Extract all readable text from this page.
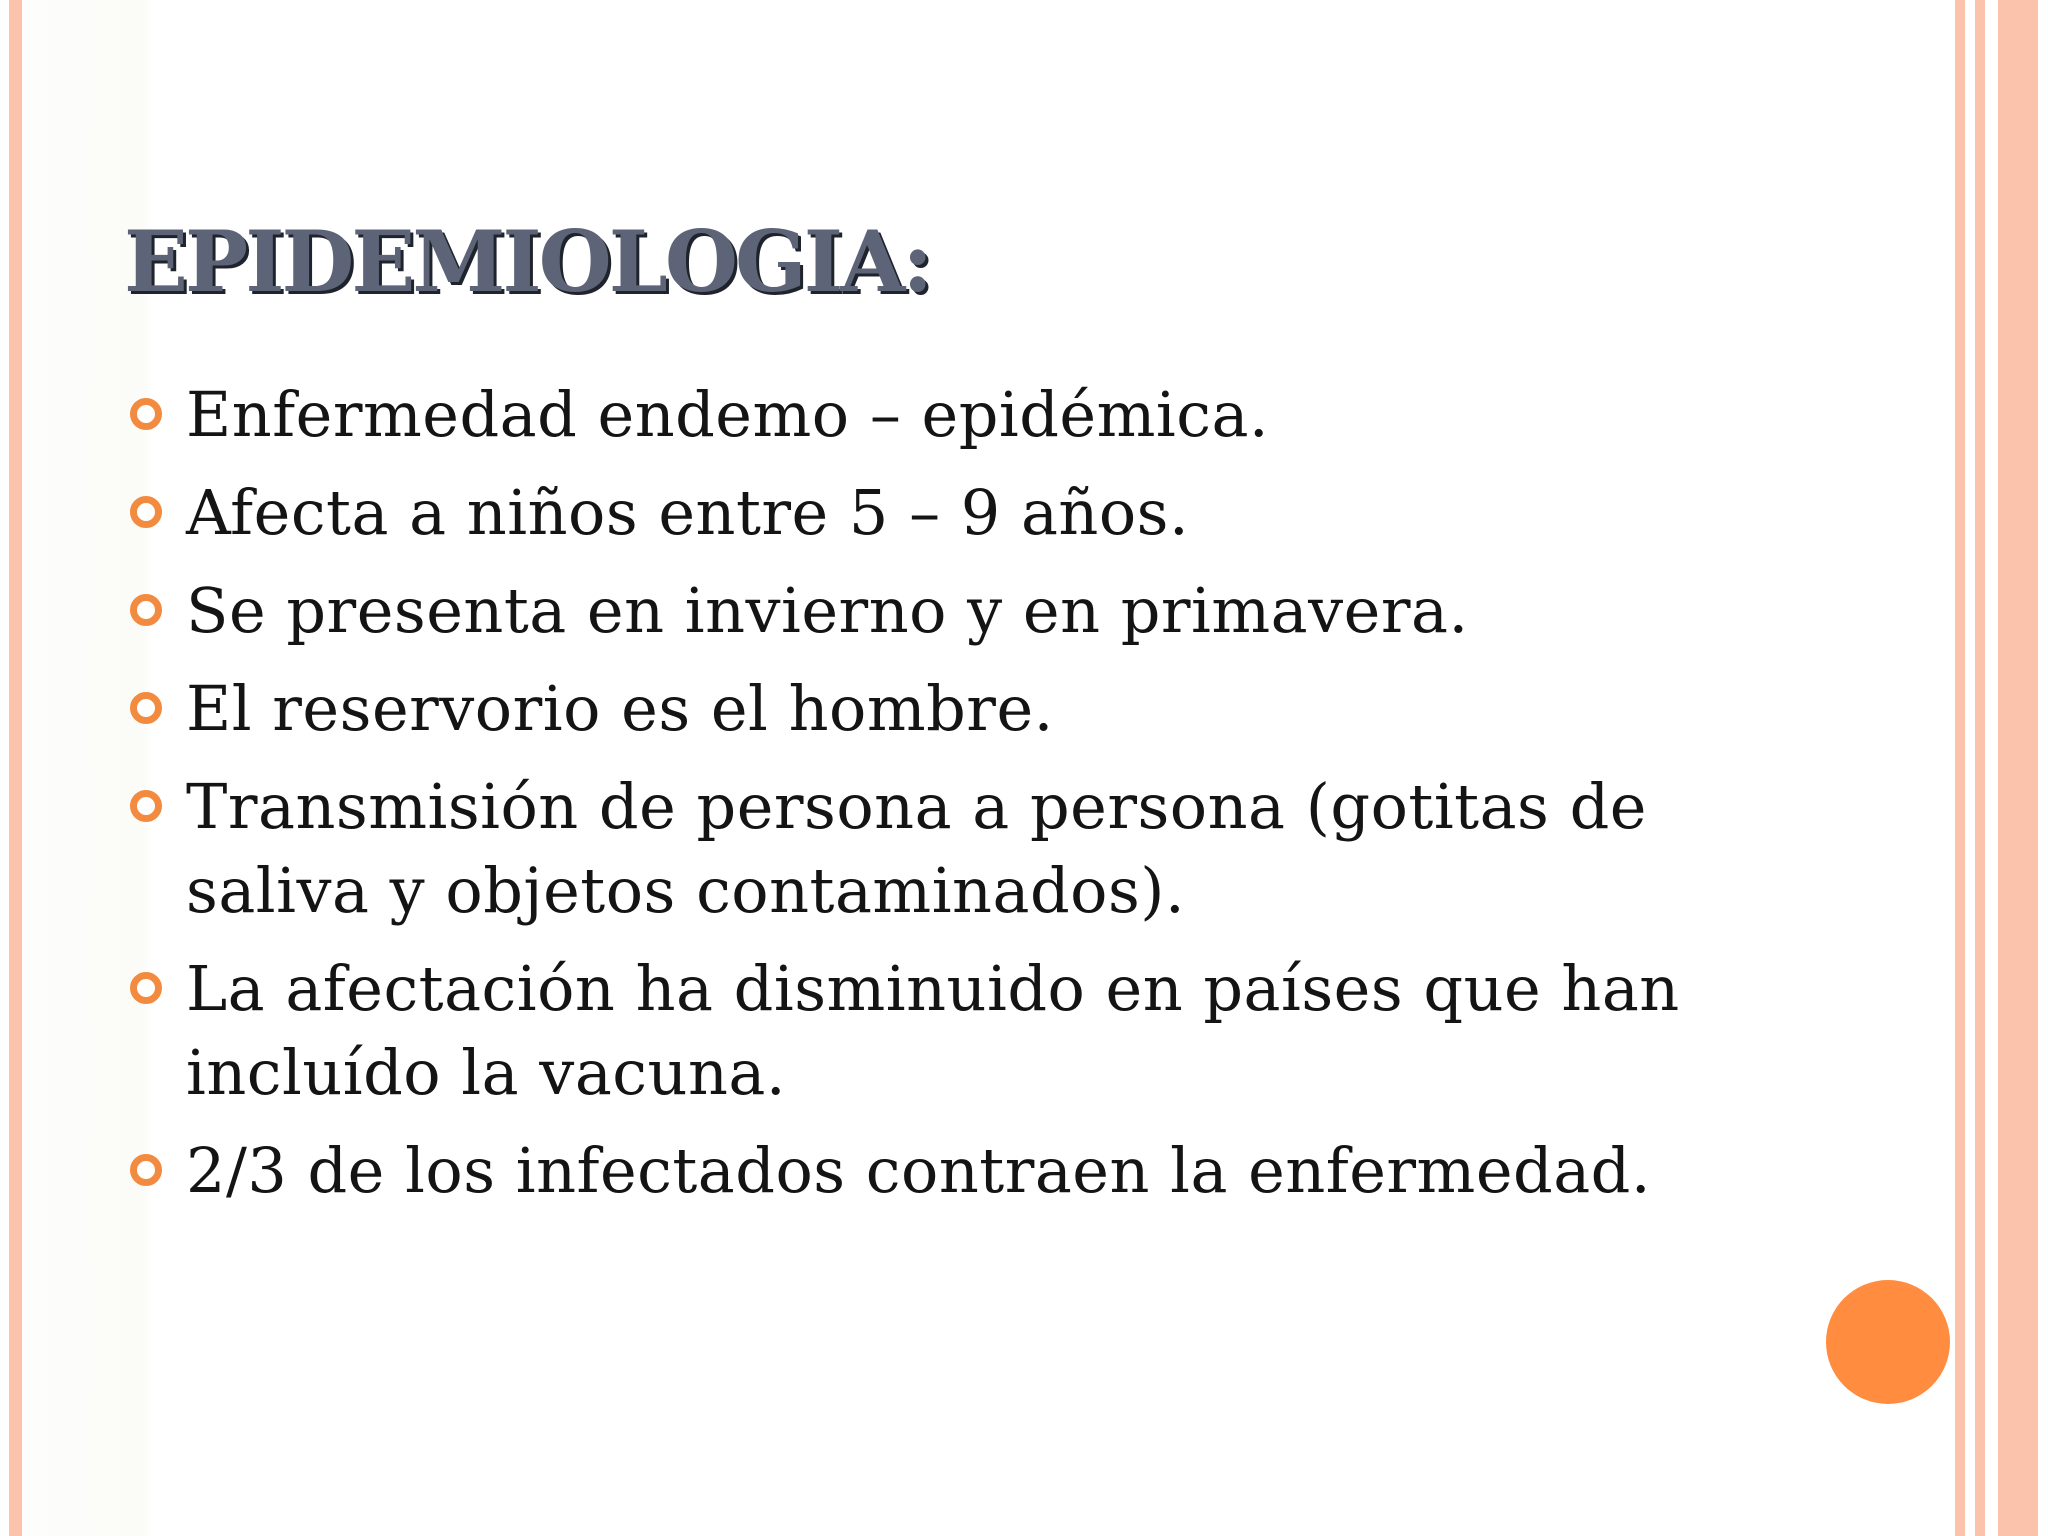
EPIDEMIOLOGIA:
Enfermedad endemo – epidémica.
Afecta a niños entre 5 – 9 años.
Se presenta en invierno y en primavera.
El reservorio es el hombre.
Transmisión de persona a persona (gotitas de saliva y objetos contaminados).
La afectación ha disminuido en países que han incluído la vacuna.
2/3 de los infectados contraen la enfermedad.
